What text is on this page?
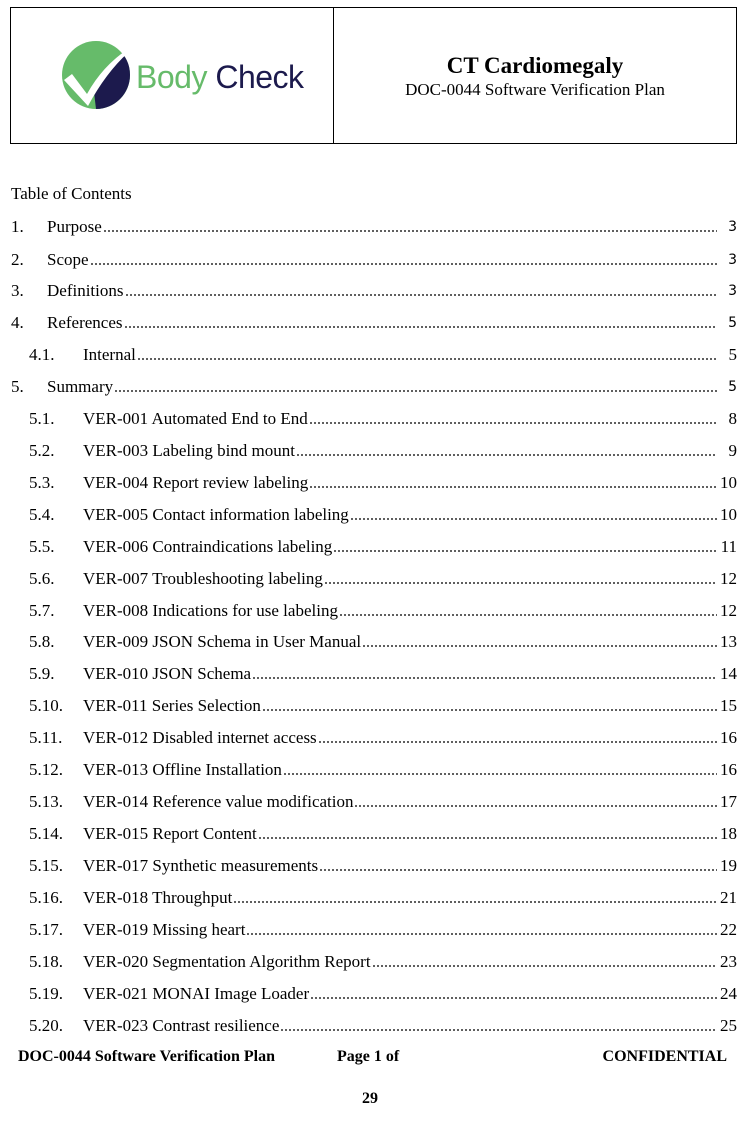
Body Check	CT Cardiomegaly
DOC-0044 Software Verification Plan
Table of Contents
1. Purpose	3
2. Scope	3
3. Definitions	3
4. References	5
4.1. Internal	5
5. Summary	5
5.1. VER-001 Automated End to End	8
5.2. VER-003 Labeling bind mount	9
5.3. VER-004 Report review labeling	10
5.4. VER-005 Contact information labeling	10
5.5. VER-006 Contraindications labeling	11
5.6. VER-007 Troubleshooting labeling	12
5.7. VER-008 Indications for use labeling	12
5.8. VER-009 JSON Schema in User Manual	13
5.9. VER-010 JSON Schema	14
5.10. VER-011 Series Selection	15
5.11. VER-012 Disabled internet access	16
5.12. VER-013 Offline Installation	16
5.13. VER-014 Reference value modification	17
5.14. VER-015 Report Content	18
5.15. VER-017 Synthetic measurements	19
5.16. VER-018 Throughput	21
5.17. VER-019 Missing heart	22
5.18. VER-020 Segmentation Algorithm Report	23
5.19. VER-021 MONAI Image Loader	24
5.20. VER-023 Contrast resilience	25
DOC-0044 Software Verification Plan	Page 1 of
29
CONFIDENTIAL
